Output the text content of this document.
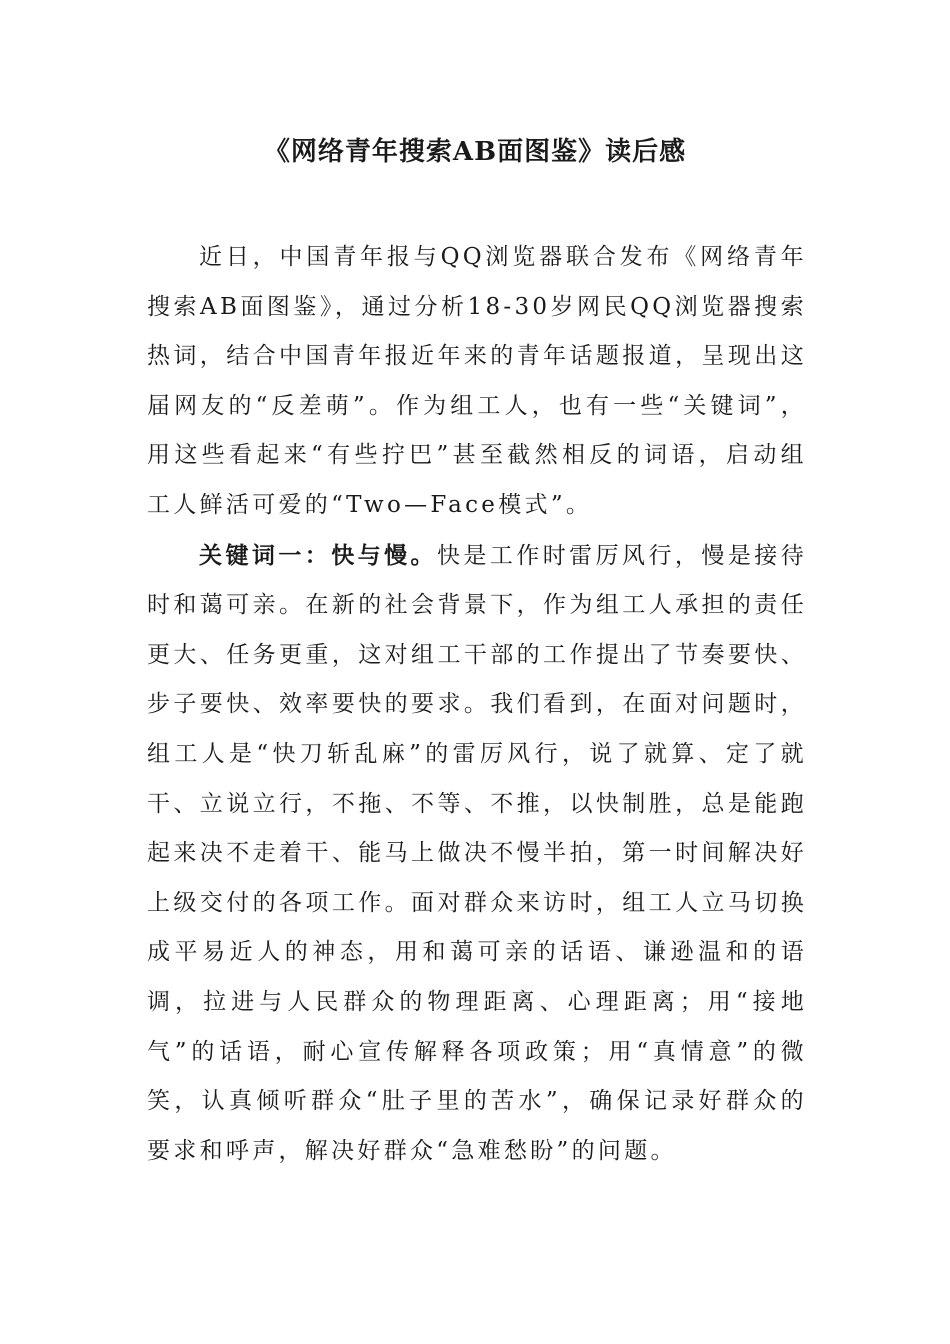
《网络青年搜索AB面图鉴》读后感

近日，中国青年报与QQ浏览器联合发布《网络青年搜索AB面图鉴》，通过分析18-30岁网民QQ浏览器搜索热词，结合中国青年报近年来的青年话题报道，呈现出这届网友的“反差萌”。作为组工人，也有一些“关键词”，用这些看起来“有些拧巴”甚至截然相反的词语，启动组工人鲜活可爱的“Two—Face模式”。

关键词一：快与慢。快是工作时雷厉风行，慢是接待时和蔼可亲。在新的社会背景下，作为组工人承担的责任更大、任务更重，这对组工干部的工作提出了节奏要快、步子要快、效率要快的要求。我们看到，在面对问题时，组工人是“快刀斩乱麻”的雷厉风行，说了就算、定了就干、立说立行，不拖、不等、不推，以快制胜，总是能跑起来决不走着干、能马上做决不慢半拍，第一时间解决好上级交付的各项工作。面对群众来访时，组工人立马切换成平易近人的神态，用和蔼可亲的话语、谦逊温和的语调，拉进与人民群众的物理距离、心理距离；用“接地气”的话语，耐心宣传解释各项政策；用“真情意”的微笑，认真倾听群众“肚子里的苦水”，确保记录好群众的要求和呼声，解决好群众“急难愁盼”的问题。
